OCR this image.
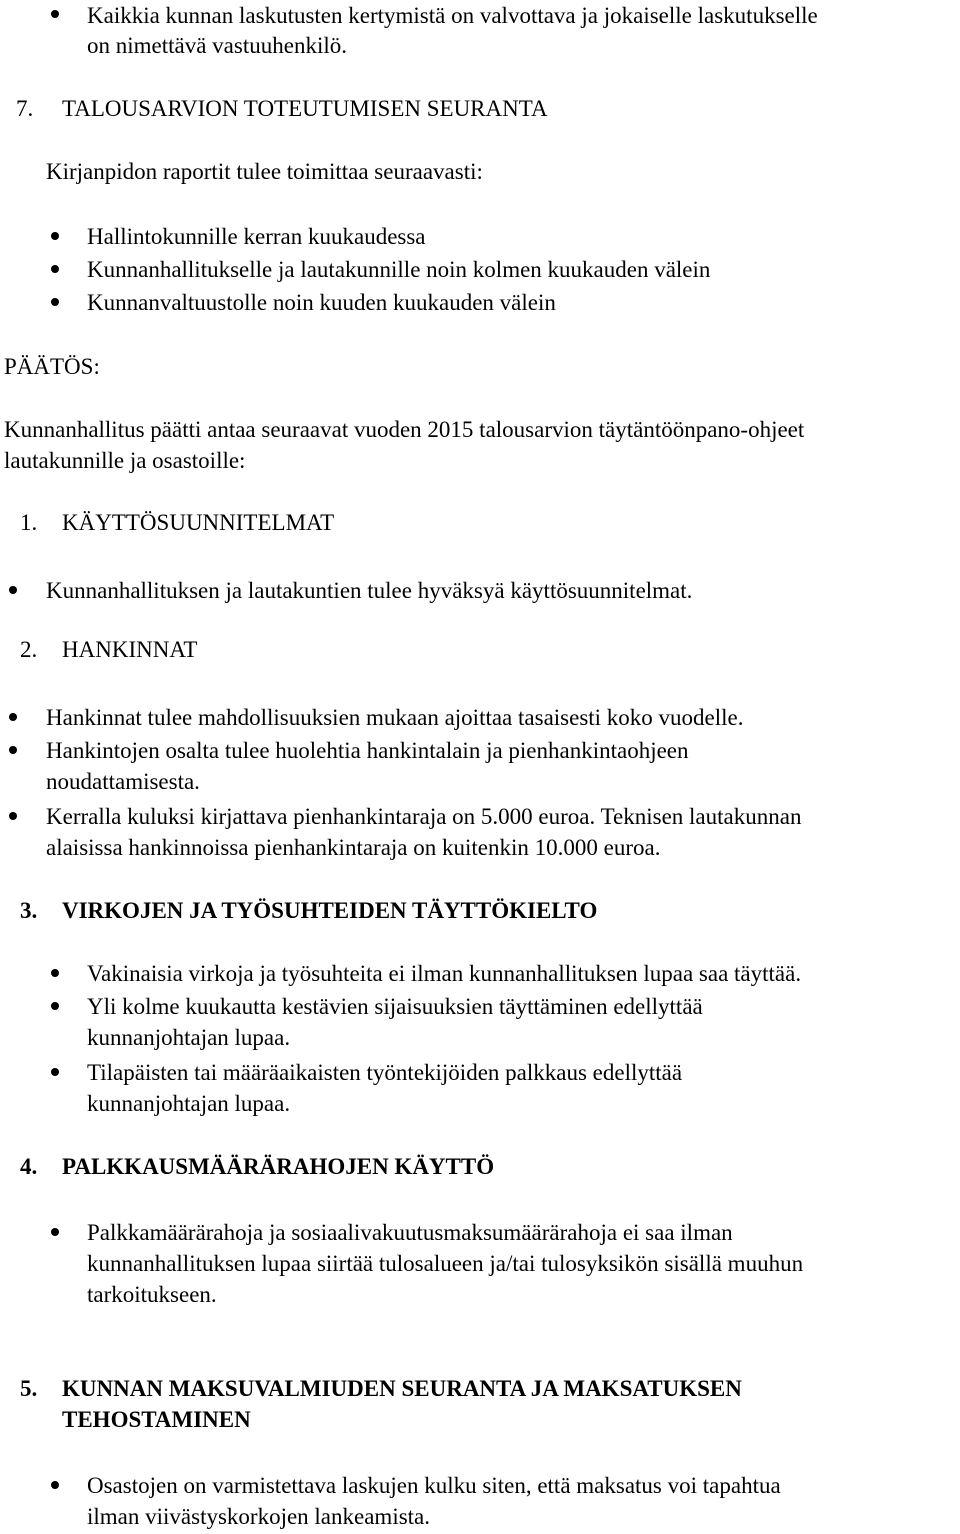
Kaikkia kunnan laskutusten kertymistä on valvottava ja jokaiselle laskutukselle
on nimettävä vastuuhenkilö.
7. TALOUSARVION TOTEUTUMISEN SEURANTA
Kirjanpidon raportit tulee toimittaa seuraavasti:
Hallintokunnille kerran kuukaudessa
Kunnanhallitukselle ja lautakunnille noin kolmen kuukauden välein
Kunnanvaltuustolle noin kuuden kuukauden välein
PÄÄTÖS:
Kunnanhallitus päätti antaa seuraavat vuoden 2015 talousarvion täytäntöönpano-ohjeet
lautakunnille ja osastoille:
1. KÄYTTÖSUUNNITELMAT
Kunnanhallituksen ja lautakuntien tulee hyväksyä käyttösuunnitelmat.
2. HANKINNAT
Hankinnat tulee mahdollisuuksien mukaan ajoittaa tasaisesti koko vuodelle.
Hankintojen osalta tulee huolehtia hankintalain ja pienhankintaohjeen
noudattamisesta.
Kerralla kuluksi kirjattava pienhankintaraja on 5.000 euroa. Teknisen lautakunnan
alaisissa hankinnoissa pienhankintaraja on kuitenkin 10.000 euroa.
3. VIRKOJEN JA TYÖSUHTEIDEN TÄYTTÖKIELTO
Vakinaisia virkoja ja työsuhteita ei ilman kunnanhallituksen lupaa saa täyttää.
Yli kolme kuukautta kestävien sijaisuuksien täyttäminen edellyttää
kunnanjohtajan lupaa.
Tilapäisten tai määräaikaisten työntekijöiden palkkaus edellyttää
kunnanjohtajan lupaa.
4. PALKKAUSMÄÄRÄRAHOJEN KÄYTTÖ
Palkkamäärärahoja ja sosiaalivakuutusmaksumäärärahoja ei saa ilman
kunnanhallituksen lupaa siirtää tulosalueen ja/tai tulosyksikön sisällä muuhun
tarkoitukseen.
5. KUNNAN MAKSUVALMIUDEN SEURANTA JA MAKSATUKSEN
TEHOSTAMINEN
Osastojen on varmistettava laskujen kulku siten, että maksatus voi tapahtua
ilman viivästyskorkojen lankeamista.
